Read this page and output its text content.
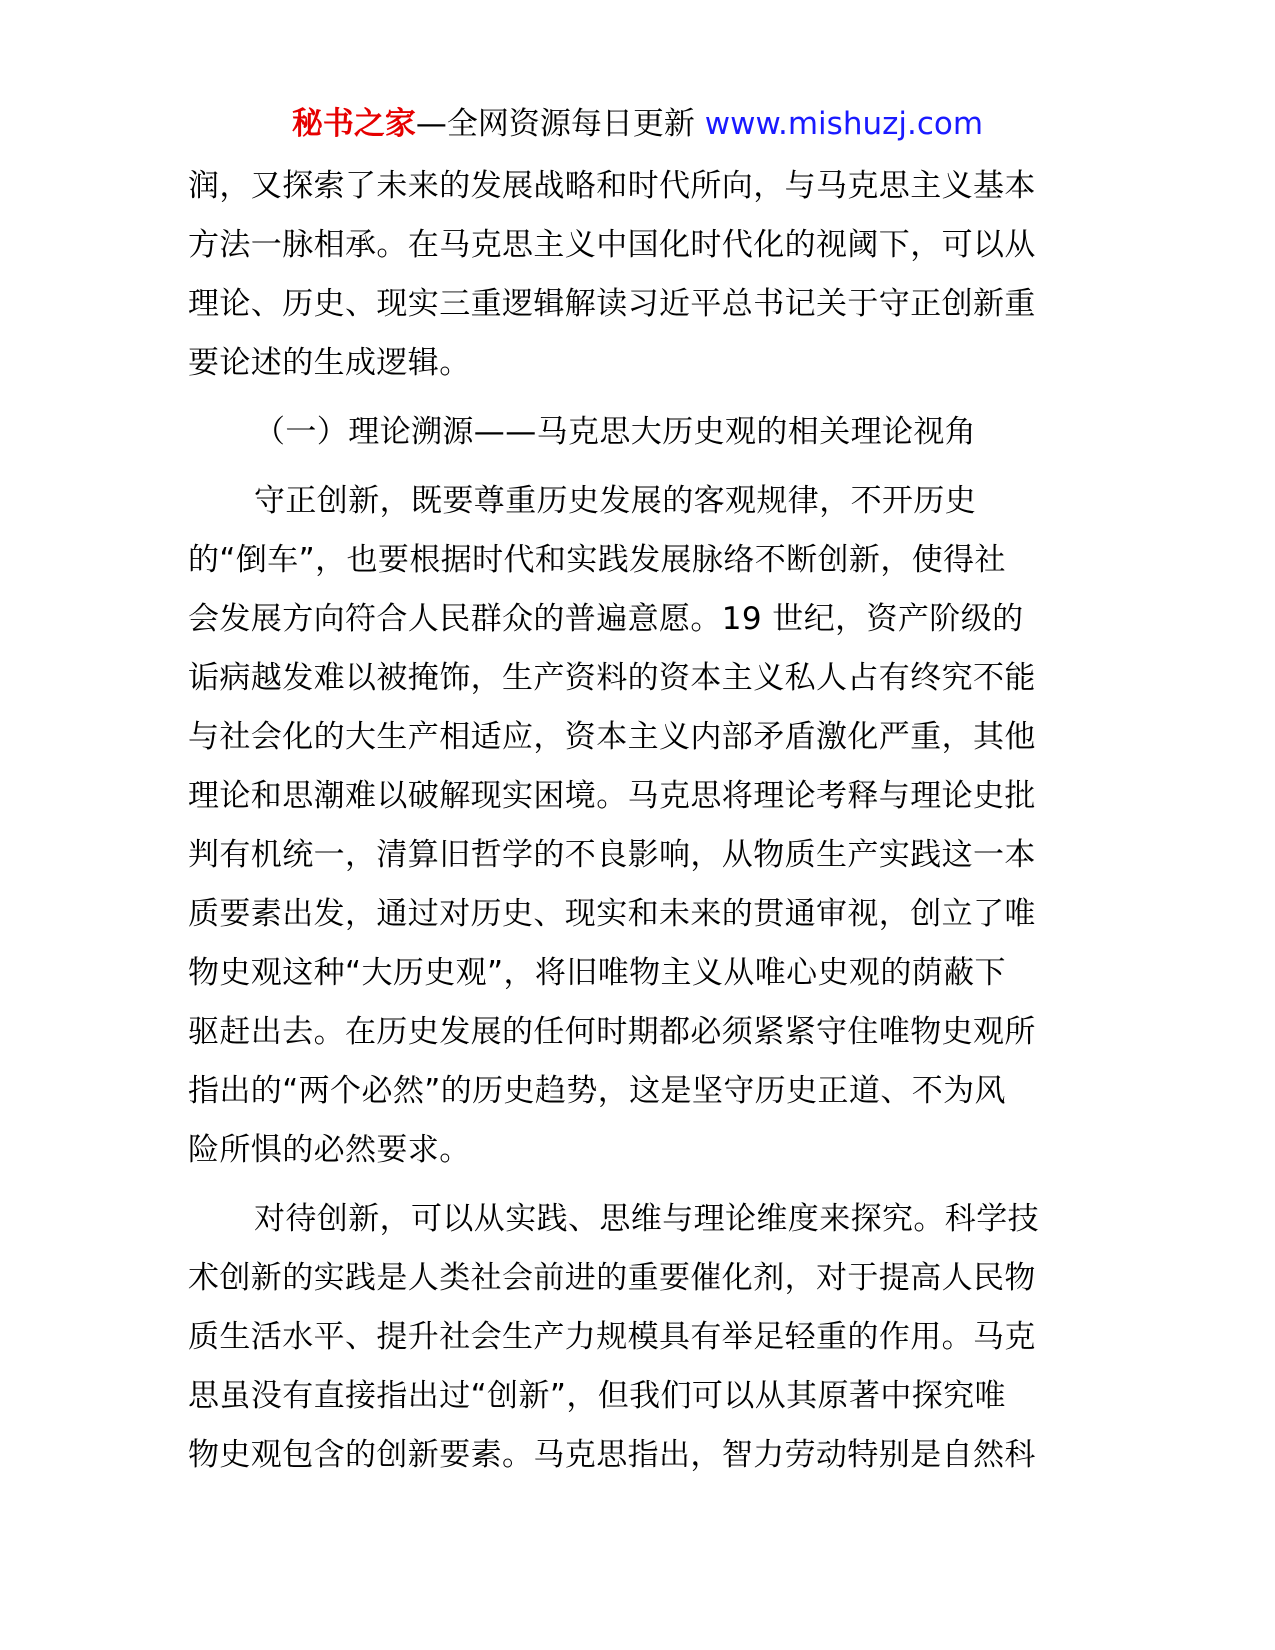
秘书之家—全网资源每日更新 www.mishuzj.com

润，又探索了未来的发展战略和时代所向，与马克思主义基本
方法一脉相承。在马克思主义中国化时代化的视阈下，可以从
理论、历史、现实三重逻辑解读习近平总书记关于守正创新重
要论述的生成逻辑。

（一）理论溯源——马克思大历史观的相关理论视角

守正创新，既要尊重历史发展的客观规律，不开历史
的“倒车”，也要根据时代和实践发展脉络不断创新，使得社
会发展方向符合人民群众的普遍意愿。19 世纪，资产阶级的
诟病越发难以被掩饰，生产资料的资本主义私人占有终究不能
与社会化的大生产相适应，资本主义内部矛盾激化严重，其他
理论和思潮难以破解现实困境。马克思将理论考释与理论史批
判有机统一，清算旧哲学的不良影响，从物质生产实践这一本
质要素出发，通过对历史、现实和未来的贯通审视，创立了唯
物史观这种“大历史观”，将旧唯物主义从唯心史观的荫蔽下
驱赶出去。在历史发展的任何时期都必须紧紧守住唯物史观所
指出的“两个必然”的历史趋势，这是坚守历史正道、不为风
险所惧的必然要求。

对待创新，可以从实践、思维与理论维度来探究。科学技
术创新的实践是人类社会前进的重要催化剂，对于提高人民物
质生活水平、提升社会生产力规模具有举足轻重的作用。马克
思虽没有直接指出过“创新”，但我们可以从其原著中探究唯
物史观包含的创新要素。马克思指出，智力劳动特别是自然科
